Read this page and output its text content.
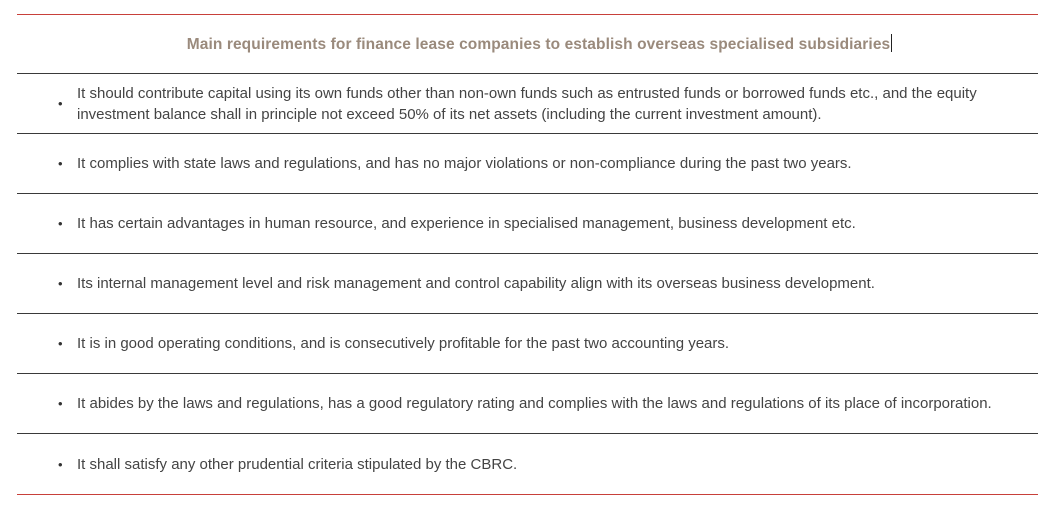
Main requirements for finance lease companies to establish overseas specialised subsidiaries
•
It should contribute capital using its own funds other than non-own funds such as entrusted funds or borrowed funds etc., and the equity investment balance shall in principle not exceed 50% of its net assets (including the current investment amount).
• It complies with state laws and regulations, and has no major violations or non-compliance during the past two years.
• It has certain advantages in human resource, and experience in specialised management, business development etc.
• Its internal management level and risk management and control capability align with its overseas business development.
• It is in good operating conditions, and is consecutively profitable for the past two accounting years.
• It abides by the laws and regulations, has a good regulatory rating and complies with the laws and regulations of its place of incorporation.
• It shall satisfy any other prudential criteria stipulated by the CBRC.
